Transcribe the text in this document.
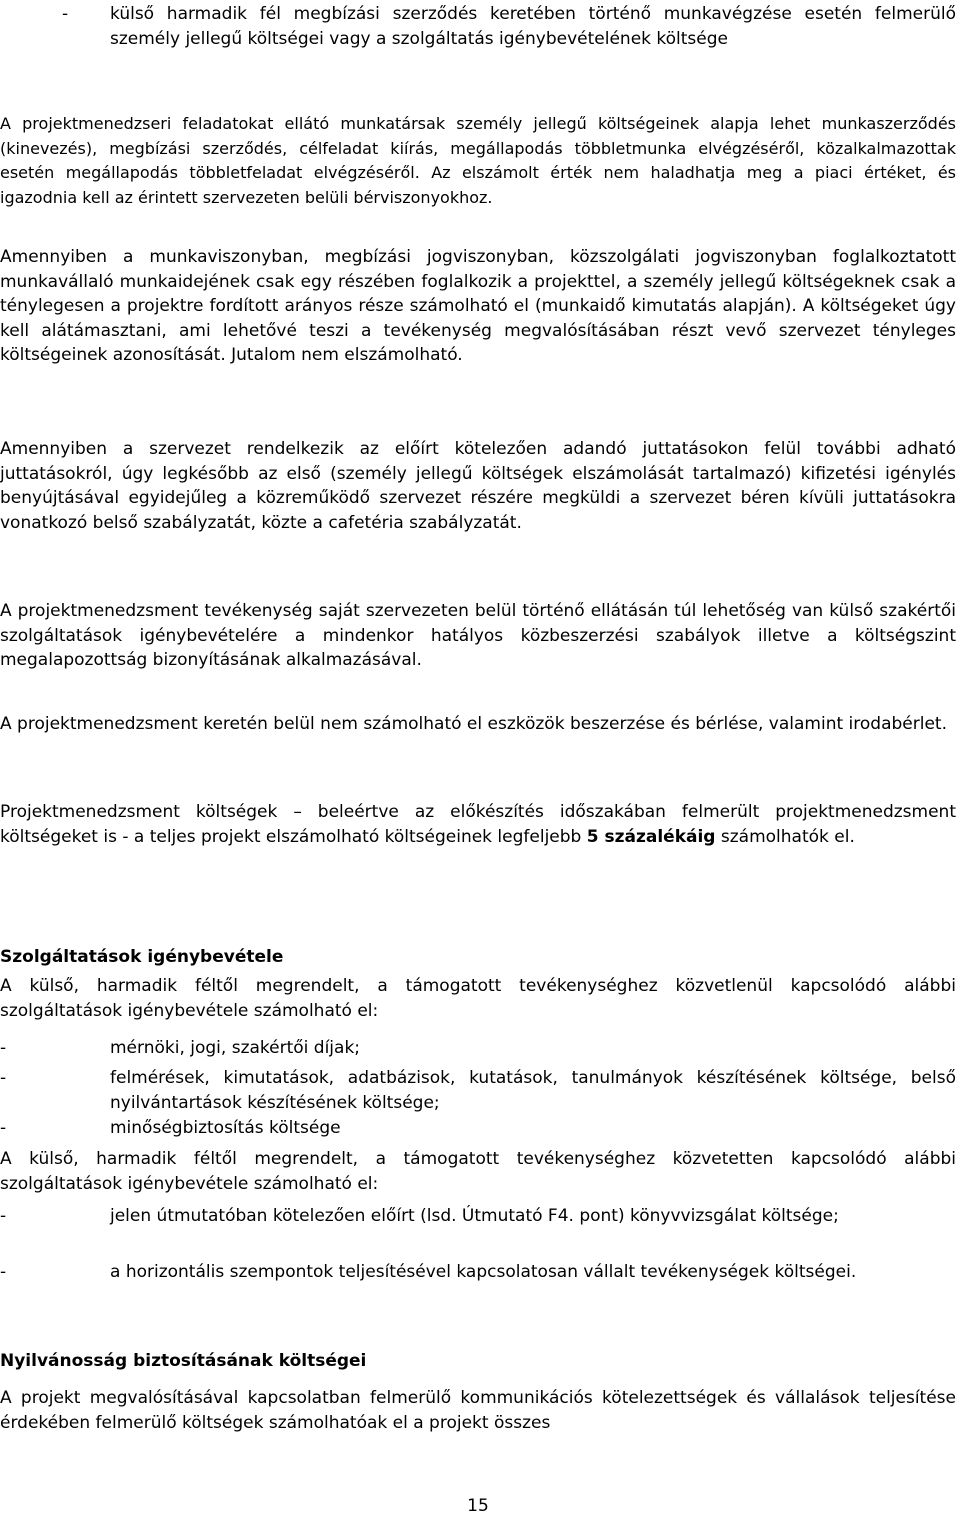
- külső harmadik fél megbízási szerződés keretében történő munkavégzése esetén felmerülő személy jellegű költségei vagy a szolgáltatás igénybevételének költsége

A projektmenedzseri feladatokat ellátó munkatársak személy jellegű költségeinek alapja lehet munkaszerződés (kinevezés), megbízási szerződés, célfeladat kiírás, megállapodás többletmunka elvégzéséről, közalkalmazottak esetén megállapodás többletfeladat elvégzéséről. Az elszámolt érték nem haladhatja meg a piaci értéket, és igazodnia kell az érintett szervezeten belüli bérviszonyokhoz.

Amennyiben a munkaviszonyban, megbízási jogviszonyban, közszolgálati jogviszonyban foglalkoztatott munkavállaló munkaidejének csak egy részében foglalkozik a projekttel, a személy jellegű költségeknek csak a ténylegesen a projektre fordított arányos része számolható el (munkaidő kimutatás alapján). A költségeket úgy kell alátámasztani, ami lehetővé teszi a tevékenység megvalósításában részt vevő szervezet tényleges költségeinek azonosítását. Jutalom nem elszámolható.

Amennyiben a szervezet rendelkezik az előírt kötelezően adandó juttatásokon felül további adható juttatásokról, úgy legkésőbb az első (személy jellegű költségek elszámolását tartalmazó) kifizetési igénylés benyújtásával egyidejűleg a közreműködő szervezet részére megküldi a szervezet béren kívüli juttatásokra vonatkozó belső szabályzatát, közte a cafetéria szabályzatát.

A projektmenedzsment tevékenység saját szervezeten belül történő ellátásán túl lehetőség van külső szakértői szolgáltatások igénybevételére a mindenkor hatályos közbeszerzési szabályok illetve a költségszint megalapozottság bizonyításának alkalmazásával.

A projektmenedzsment keretén belül nem számolható el eszközök beszerzése és bérlése, valamint irodabérlet.

Projektmenedzsment költségek – beleértve az előkészítés időszakában felmerült projektmenedzsment költségeket is - a teljes projekt elszámolható költségeinek legfeljebb 5 százalékáig számolhatók el.

Szolgáltatások igénybevétele

A külső, harmadik féltől megrendelt, a támogatott tevékenységhez közvetlenül kapcsolódó alábbi szolgáltatások igénybevétele számolható el:

-	mérnöki, jogi, szakértői díjak;
-	felmérések, kimutatások, adatbázisok, kutatások, tanulmányok készítésének költsége, belső nyilvántartások készítésének költsége;
-	minőségbiztosítás költsége

A külső, harmadik féltől megrendelt, a támogatott tevékenységhez közvetetten kapcsolódó alábbi szolgáltatások igénybevétele számolható el:

-	jelen útmutatóban kötelezően előírt (lsd. Útmutató F4. pont) könyvvizsgálat költsége;
-	a horizontális szempontok teljesítésével kapcsolatosan vállalt tevékenységek költségei.
Nyilvánosság biztosításának költségei

A projekt megvalósításával kapcsolatban felmerülő kommunikációs kötelezettségek és vállalások teljesítése érdekében felmerülő költségek számolhatóak el a projekt összes

15
